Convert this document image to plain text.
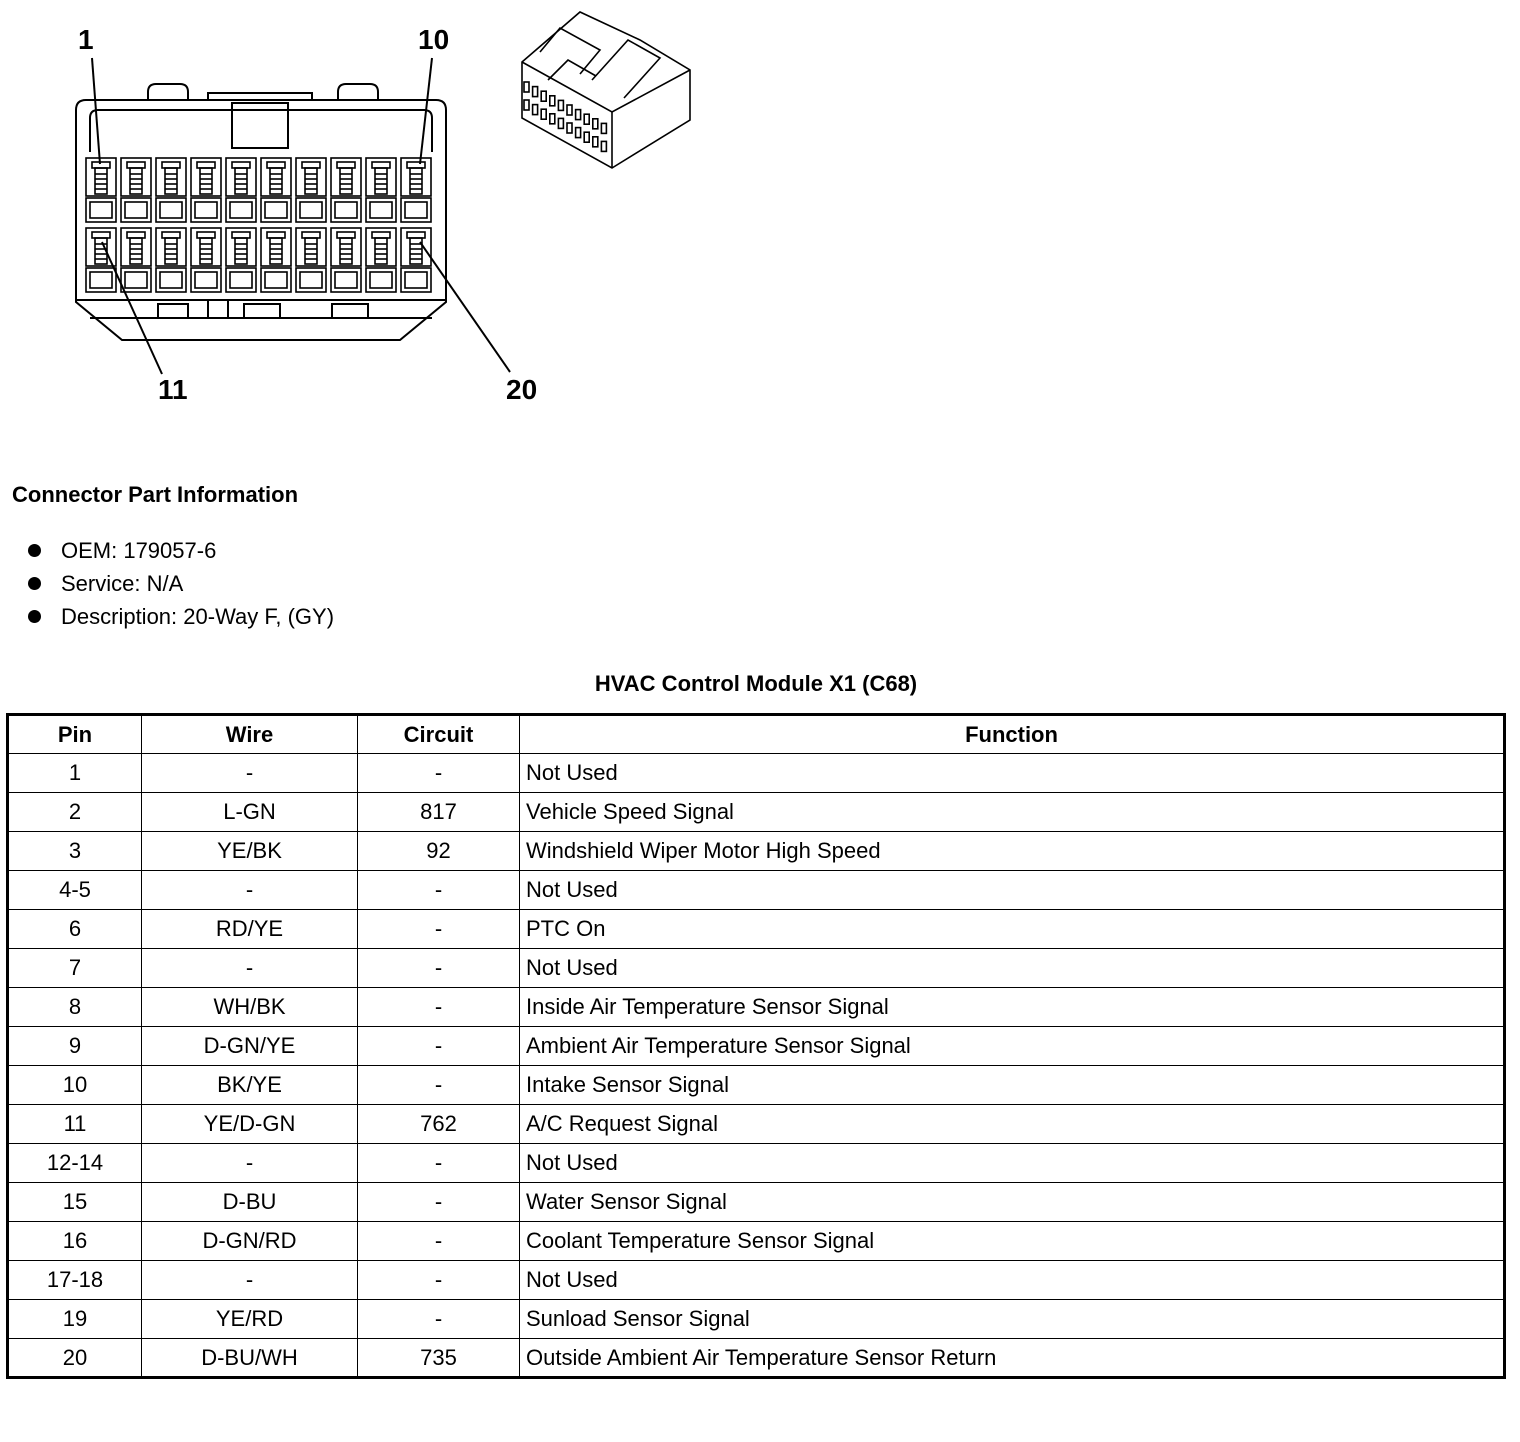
1	10
11	20
Connector Part Information
OEM: 179057-6
Service: N/A
Description: 20-Way F, (GY)
HVAC Control Module X1 (C68)
Pin	Wire	Circuit	Function
1	-	-	Not Used
2	L-GN	817	Vehicle Speed Signal
3	YE/BK	92	Windshield Wiper Motor High Speed
4-5	-	-	Not Used
6	RD/YE	-	PTC On
7	-	-	Not Used
8	WH/BK	-	Inside Air Temperature Sensor Signal
9	D-GN/YE	-	Ambient Air Temperature Sensor Signal
10	BK/YE	-	Intake Sensor Signal
11	YE/D-GN	762	A/C Request Signal
12-14	-	-	Not Used
15	D-BU	-	Water Sensor Signal
16	D-GN/RD	-	Coolant Temperature Sensor Signal
17-18	-	-	Not Used
19	YE/RD	-	Sunload Sensor Signal
20	D-BU/WH	735	Outside Ambient Air Temperature Sensor Return
